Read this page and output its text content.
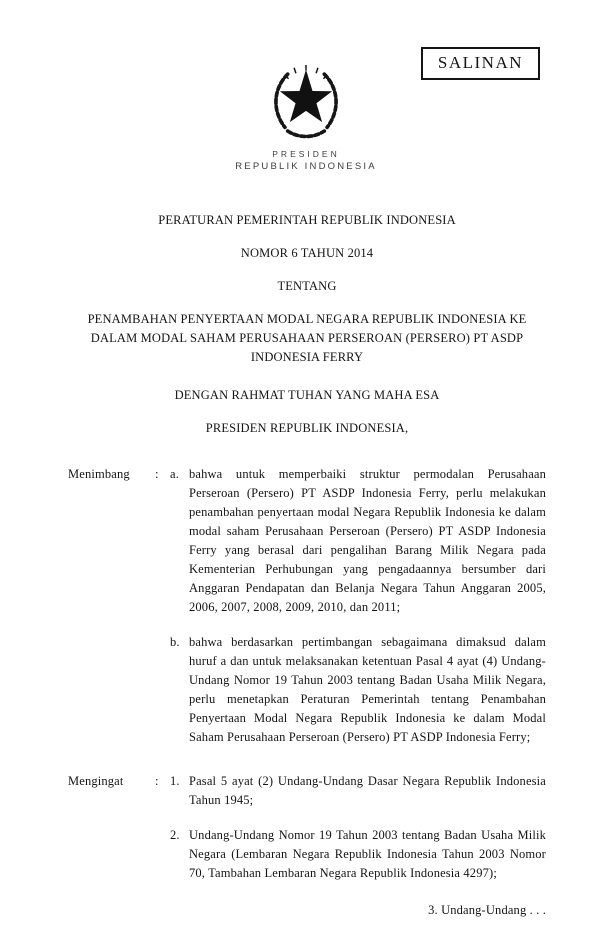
SALINAN
PRESIDEN
REPUBLIK INDONESIA
PERATURAN PEMERINTAH REPUBLIK INDONESIA
NOMOR 6 TAHUN 2014
TENTANG
PENAMBAHAN PENYERTAAN MODAL NEGARA REPUBLIK INDONESIA KE DALAM MODAL SAHAM PERUSAHAAN PERSEROAN (PERSERO) PT ASDP INDONESIA FERRY
DENGAN RAHMAT TUHAN YANG MAHA ESA
PRESIDEN REPUBLIK INDONESIA,
Menimbang	: a. bahwa untuk memperbaiki struktur permodalan Perusahaan Perseroan (Persero) PT ASDP Indonesia Ferry, perlu melakukan penambahan penyertaan modal Negara Republik Indonesia ke dalam modal saham Perusahaan Perseroan (Persero) PT ASDP Indonesia Ferry yang berasal dari pengalihan Barang Milik Negara pada Kementerian Perhubungan yang pengadaannya bersumber dari Anggaran Pendapatan dan Belanja Negara Tahun Anggaran 2005, 2006, 2007, 2008, 2009, 2010, dan 2011;
b. bahwa berdasarkan pertimbangan sebagaimana dimaksud dalam huruf a dan untuk melaksanakan ketentuan Pasal 4 ayat (4) Undang-Undang Nomor 19 Tahun 2003 tentang Badan Usaha Milik Negara, perlu menetapkan Peraturan Pemerintah tentang Penambahan Penyertaan Modal Negara Republik Indonesia ke dalam Modal Saham Perusahaan Perseroan (Persero) PT ASDP Indonesia Ferry;
Mengingat	: 1. Pasal 5 ayat (2) Undang-Undang Dasar Negara Republik Indonesia Tahun 1945;
2. Undang-Undang Nomor 19 Tahun 2003 tentang Badan Usaha Milik Negara (Lembaran Negara Republik Indonesia Tahun 2003 Nomor 70, Tambahan Lembaran Negara Republik Indonesia 4297);
3. Undang-Undang . . .
